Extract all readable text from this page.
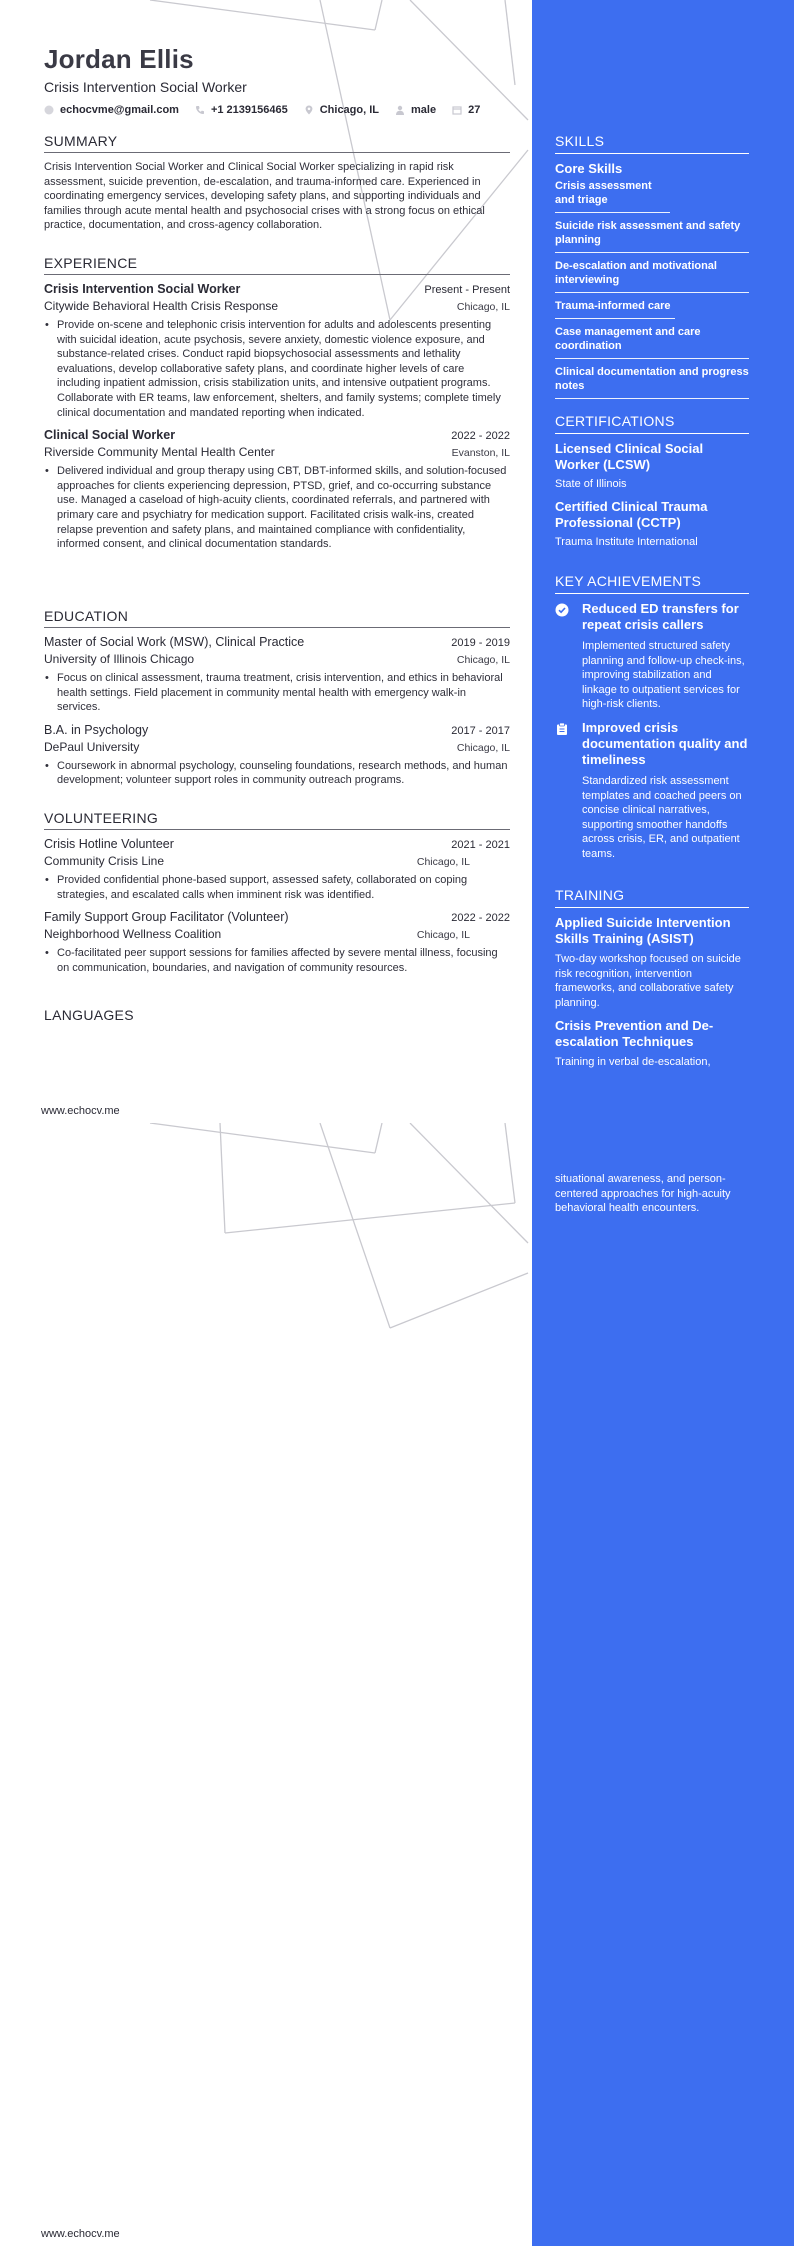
Jordan Ellis
Crisis Intervention Social Worker
echocvme@gmail.com	+1 2139156465	Chicago, IL	male	27
SUMMARY
Crisis Intervention Social Worker and Clinical Social Worker specializing in rapid risk assessment, suicide prevention, de-escalation, and trauma-informed care. Experienced in coordinating emergency services, developing safety plans, and supporting individuals and families through acute mental health and psychosocial crises with a strong focus on ethical practice, documentation, and cross-agency collaboration.
EXPERIENCE
Crisis Intervention Social Worker	Present - Present
Citywide Behavioral Health Crisis Response	Chicago, IL
• Provide on-scene and telephonic crisis intervention for adults and adolescents presenting with suicidal ideation, acute psychosis, severe anxiety, domestic violence exposure, and substance-related crises. Conduct rapid biopsychosocial assessments and lethality evaluations, develop collaborative safety plans, and coordinate higher levels of care including inpatient admission, crisis stabilization units, and intensive outpatient programs. Collaborate with ER teams, law enforcement, shelters, and family systems; complete timely clinical documentation and mandated reporting when indicated.
Clinical Social Worker	2022 - 2022
Riverside Community Mental Health Center	Evanston, IL
• Delivered individual and group therapy using CBT, DBT-informed skills, and solution-focused approaches for clients experiencing depression, PTSD, grief, and co-occurring substance use. Managed a caseload of high-acuity clients, coordinated referrals, and partnered with primary care and psychiatry for medication support. Facilitated crisis walk-ins, created relapse prevention and safety plans, and maintained compliance with confidentiality, informed consent, and clinical documentation standards.
EDUCATION
Master of Social Work (MSW), Clinical Practice	2019 - 2019
University of Illinois Chicago	Chicago, IL
• Focus on clinical assessment, trauma treatment, crisis intervention, and ethics in behavioral health settings. Field placement in community mental health with emergency walk-in services.
B.A. in Psychology	2017 - 2017
DePaul University	Chicago, IL
• Coursework in abnormal psychology, counseling foundations, research methods, and human development; volunteer support roles in community outreach programs.
VOLUNTEERING
Crisis Hotline Volunteer	2021 - 2021
Community Crisis Line	Chicago, IL
• Provided confidential phone-based support, assessed safety, collaborated on coping strategies, and escalated calls when imminent risk was identified.
Family Support Group Facilitator (Volunteer)	2022 - 2022
Neighborhood Wellness Coalition	Chicago, IL
• Co-facilitated peer support sessions for families affected by severe mental illness, focusing on communication, boundaries, and navigation of community resources.
LANGUAGES
SKILLS
Core Skills
Crisis assessment and triage
Suicide risk assessment and safety planning
De-escalation and motivational interviewing
Trauma-informed care
Case management and care coordination
Clinical documentation and progress notes
CERTIFICATIONS
Licensed Clinical Social Worker (LCSW)
State of Illinois
Certified Clinical Trauma Professional (CCTP)
Trauma Institute International
KEY ACHIEVEMENTS
Reduced ED transfers for repeat crisis callers
Implemented structured safety planning and follow-up check-ins, improving stabilization and linkage to outpatient services for high-risk clients.
Improved crisis documentation quality and timeliness
Standardized risk assessment templates and coached peers on concise clinical narratives, supporting smoother handoffs across crisis, ER, and outpatient teams.
TRAINING
Applied Suicide Intervention Skills Training (ASIST)
Two-day workshop focused on suicide risk recognition, intervention frameworks, and collaborative safety planning.
Crisis Prevention and De-escalation Techniques
Training in verbal de-escalation,
www.echocv.me
situational awareness, and person-centered approaches for high-acuity behavioral health encounters.
www.echocv.me
